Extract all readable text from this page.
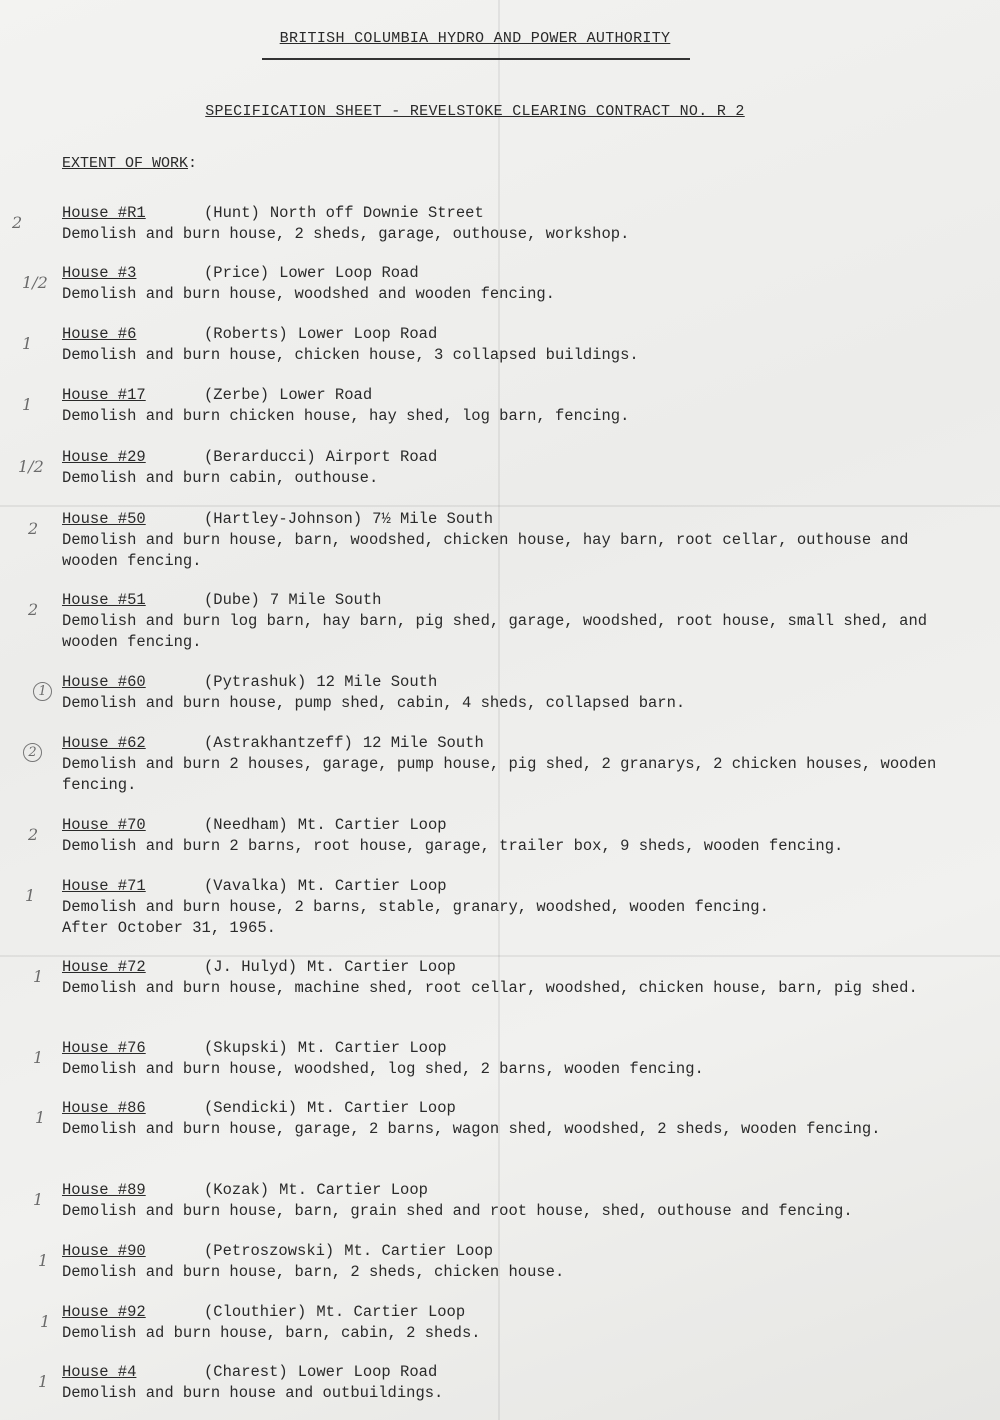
BRITISH COLUMBIA HYDRO AND POWER AUTHORITY
SPECIFICATION SHEET - REVELSTOKE CLEARING CONTRACT NO. R 2
EXTENT OF WORK:
House #R1	(Hunt) North off Downie Street
Demolish and burn house, 2 sheds, garage, outhouse, workshop.
2
House #3	(Price) Lower Loop Road
Demolish and burn house, woodshed and wooden fencing.
1/2
House #6	(Roberts) Lower Loop Road
Demolish and burn house, chicken house, 3 collapsed buildings.
1
House #17	(Zerbe) Lower Road
Demolish and burn chicken house, hay shed, log barn, fencing.
1
House #29	(Berarducci) Airport Road
Demolish and burn cabin, outhouse.
1/2
House #50	(Hartley-Johnson) 7½ Mile South
Demolish and burn house, barn, woodshed, chicken house, hay barn, root cellar, outhouse and wooden fencing.
2
House #51	(Dube) 7 Mile South
Demolish and burn log barn, hay barn, pig shed, garage, woodshed, root house, small shed, and wooden fencing.
2
House #60	(Pytrashuk) 12 Mile South
Demolish and burn house, pump shed, cabin, 4 sheds, collapsed barn.
1
House #62	(Astrakhantzeff) 12 Mile South
Demolish and burn 2 houses, garage, pump house, pig shed, 2 granarys, 2 chicken houses, wooden fencing.
2
House #70	(Needham) Mt. Cartier Loop
Demolish and burn 2 barns, root house, garage, trailer box, 9 sheds, wooden fencing.
2
House #71	(Vavalka) Mt. Cartier Loop
Demolish and burn house, 2 barns, stable, granary, woodshed, wooden fencing.
After October 31, 1965.
1
House #72	(J. Hulyd) Mt. Cartier Loop
Demolish and burn house, machine shed, root cellar, woodshed, chicken house, barn, pig shed.
1
House #76	(Skupski) Mt. Cartier Loop
Demolish and burn house, woodshed, log shed, 2 barns, wooden fencing.
1
House #86	(Sendicki) Mt. Cartier Loop
Demolish and burn house, garage, 2 barns, wagon shed, woodshed, 2 sheds, wooden fencing.
1
House #89	(Kozak) Mt. Cartier Loop
Demolish and burn house, barn, grain shed and root house, shed, outhouse and fencing.
1
House #90	(Petroszowski) Mt. Cartier Loop
Demolish and burn house, barn, 2 sheds, chicken house.
1
House #92	(Clouthier) Mt. Cartier Loop
Demolish ad burn house, barn, cabin, 2 sheds.
1
House #4	(Charest) Lower Loop Road
Demolish and burn house and outbuildings.
1
